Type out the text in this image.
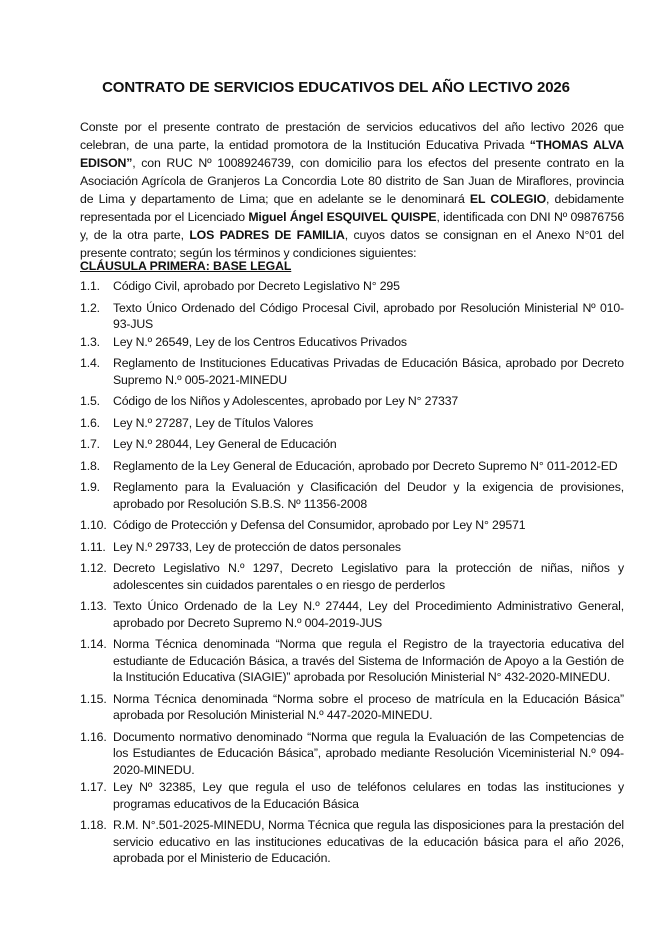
CONTRATO DE SERVICIOS EDUCATIVOS DEL AÑO LECTIVO 2026

Conste por el presente contrato de prestación de servicios educativos del año lectivo 2026 que celebran, de una parte, la entidad promotora de la Institución Educativa Privada “THOMAS ALVA EDISON”, con RUC Nº 10089246739, con domicilio para los efectos del presente contrato en la Asociación Agrícola de Granjeros La Concordia Lote 80 distrito de San Juan de Miraflores, provincia de Lima y departamento de Lima; que en adelante se le denominará EL COLEGIO, debidamente representada por el Licenciado Miguel Ángel ESQUIVEL QUISPE, identificada con DNI Nº 09876756 y, de la otra parte, LOS PADRES DE FAMILIA, cuyos datos se consignan en el Anexo N°01 del presente contrato; según los términos y condiciones siguientes:

CLÁUSULA PRIMERA: BASE LEGAL
1.1.	Código Civil, aprobado por Decreto Legislativo N° 295
1.2.	Texto Único Ordenado del Código Procesal Civil, aprobado por Resolución Ministerial Nº 010-93-JUS
1.3.	Ley N.º 26549, Ley de los Centros Educativos Privados
1.4.	Reglamento de Instituciones Educativas Privadas de Educación Básica, aprobado por Decreto Supremo N.º 005-2021-MINEDU
1.5.	Código de los Niños y Adolescentes, aprobado por Ley N° 27337
1.6.	Ley N.º 27287, Ley de Títulos Valores
1.7.	Ley N.º 28044, Ley General de Educación
1.8.	Reglamento de la Ley General de Educación, aprobado por Decreto Supremo N° 011-2012-ED
1.9.	Reglamento para la Evaluación y Clasificación del Deudor y la exigencia de provisiones, aprobado por Resolución S.B.S. Nº 11356-2008
1.10. Código de Protección y Defensa del Consumidor, aprobado por Ley N° 29571
1.11. Ley N.º 29733, Ley de protección de datos personales
1.12. Decreto Legislativo N.º 1297, Decreto Legislativo para la protección de niñas, niños y adolescentes sin cuidados parentales o en riesgo de perderlos
1.13. Texto Único Ordenado de la Ley N.º 27444, Ley del Procedimiento Administrativo General, aprobado por Decreto Supremo N.º 004-2019-JUS
1.14. Norma Técnica denominada “Norma que regula el Registro de la trayectoria educativa del estudiante de Educación Básica, a través del Sistema de Información de Apoyo a la Gestión de la Institución Educativa (SIAGIE)” aprobada por Resolución Ministerial N° 432-2020-MINEDU.
1.15. Norma Técnica denominada “Norma sobre el proceso de matrícula en la Educación Básica” aprobada por Resolución Ministerial N.º 447-2020-MINEDU.
1.16. Documento normativo denominado “Norma que regula la Evaluación de las Competencias de los Estudiantes de Educación Básica”, aprobado mediante Resolución Viceministerial N.º 094-2020-MINEDU.
1.17. Ley Nº 32385, Ley que regula el uso de teléfonos celulares en todas las instituciones y programas educativos de la Educación Básica
1.18. R.M. N°.501-2025-MINEDU, Norma Técnica que regula las disposiciones para la prestación del servicio educativo en las instituciones educativas de la educación básica para el año 2026, aprobada por el Ministerio de Educación.
